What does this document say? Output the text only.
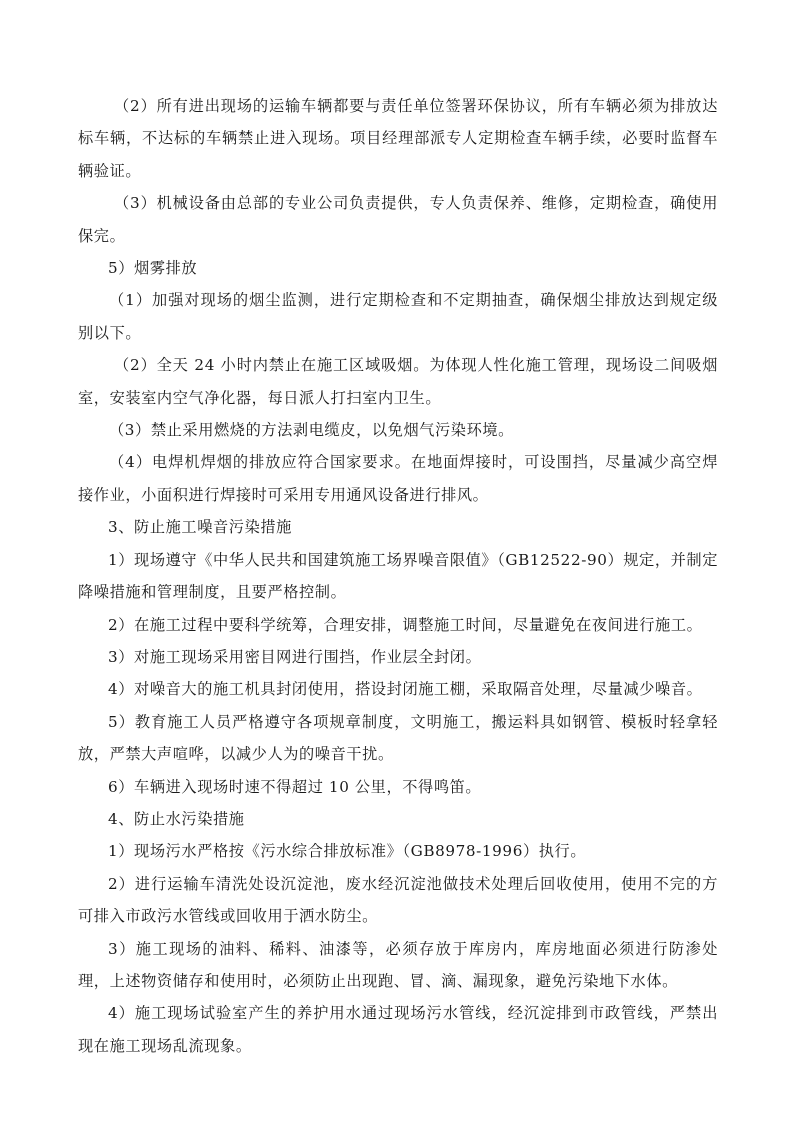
（2）所有进出现场的运输车辆都要与责任单位签署环保协议，所有车辆必须为排放达标车辆，不达标的车辆禁止进入现场。项目经理部派专人定期检查车辆手续，必要时监督车辆验证。

（3）机械设备由总部的专业公司负责提供，专人负责保养、维修，定期检查，确使用保完。

5）烟雾排放

（1）加强对现场的烟尘监测，进行定期检查和不定期抽查，确保烟尘排放达到规定级别以下。

（2）全天 24 小时内禁止在施工区域吸烟。为体现人性化施工管理，现场设二间吸烟室，安装室内空气净化器，每日派人打扫室内卫生。

（3）禁止采用燃烧的方法剥电缆皮，以免烟气污染环境。

（4）电焊机焊烟的排放应符合国家要求。在地面焊接时，可设围挡，尽量减少高空焊接作业，小面积进行焊接时可采用专用通风设备进行排风。

3、防止施工噪音污染措施

1）现场遵守《中华人民共和国建筑施工场界噪音限值》（GB12522-90）规定，并制定降噪措施和管理制度，且要严格控制。

2）在施工过程中要科学统筹，合理安排，调整施工时间，尽量避免在夜间进行施工。

3）对施工现场采用密目网进行围挡，作业层全封闭。

4）对噪音大的施工机具封闭使用，搭设封闭施工棚，采取隔音处理，尽量减少噪音。

5）教育施工人员严格遵守各项规章制度，文明施工，搬运料具如钢管、模板时轻拿轻放，严禁大声喧哗，以减少人为的噪音干扰。

6）车辆进入现场时速不得超过 10 公里，不得鸣笛。

4、防止水污染措施

1）现场污水严格按《污水综合排放标准》（GB8978-1996）执行。

2）进行运输车清洗处设沉淀池，废水经沉淀池做技术处理后回收使用，使用不完的方可排入市政污水管线或回收用于洒水防尘。

3）施工现场的油料、稀料、油漆等，必须存放于库房内，库房地面必须进行防渗处理，上述物资储存和使用时，必须防止出现跑、冒、滴、漏现象，避免污染地下水体。

4）施工现场试验室产生的养护用水通过现场污水管线，经沉淀排到市政管线，严禁出现在施工现场乱流现象。
